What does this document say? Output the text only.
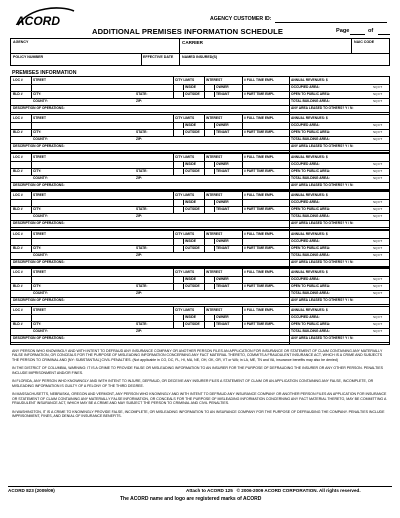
ACORD	AGENCY CUSTOMER ID:
ADDITIONAL PREMISES INFORMATION SCHEDULE	Page	of
AGENCY	CARRIER	NAIC CODE
POLICY NUMBER	EFFECTIVE DATE NAMED INSURED(S)
PREMISES INFORMATION
LOC #	STREET	CITY LIMITS	INTEREST	# FULL TIME EMPL	ANNUAL REVENUES: $
INSIDE	OWNER	OCCUPIED AREA:	SQ FT
BLD #	CITY:	STATE:	OUTSIDE	TENANT	# PART TIME EMPL	OPEN TO PUBLIC AREA:	SQ FT
COUNTY:	ZIP:	TOTAL BUILDING AREA:	SQ FT
DESCRIPTION OF OPERATIONS:	ANY AREA LEASED TO OTHERS? Y / N:
LOC #	STREET	CITY LIMITS	INTEREST	# FULL TIME EMPL	ANNUAL REVENUES: $
INSIDE	OWNER	OCCUPIED AREA:	SQ FT
BLD #	CITY:	STATE:	OUTSIDE	TENANT	# PART TIME EMPL	OPEN TO PUBLIC AREA:	SQ FT
COUNTY:	ZIP:	TOTAL BUILDING AREA:	SQ FT
DESCRIPTION OF OPERATIONS:	ANY AREA LEASED TO OTHERS? Y / N:
LOC #	STREET	CITY LIMITS	INTEREST	# FULL TIME EMPL	ANNUAL REVENUES: $
INSIDE	OWNER	OCCUPIED AREA:	SQ FT
BLD #	CITY:	STATE:	OUTSIDE	TENANT	# PART TIME EMPL	OPEN TO PUBLIC AREA:	SQ FT
COUNTY:	ZIP:	TOTAL BUILDING AREA:	SQ FT
DESCRIPTION OF OPERATIONS:	ANY AREA LEASED TO OTHERS? Y / N:
LOC #	STREET	CITY LIMITS	INTEREST	# FULL TIME EMPL	ANNUAL REVENUES: $
INSIDE	OWNER	OCCUPIED AREA:	SQ FT
BLD #	CITY:	STATE:	OUTSIDE	TENANT	# PART TIME EMPL	OPEN TO PUBLIC AREA:	SQ FT
COUNTY:	ZIP:	TOTAL BUILDING AREA:	SQ FT
DESCRIPTION OF OPERATIONS:	ANY AREA LEASED TO OTHERS? Y / N:
LOC #	STREET	CITY LIMITS	INTEREST	# FULL TIME EMPL	ANNUAL REVENUES: $
INSIDE	OWNER	OCCUPIED AREA:	SQ FT
BLD #	CITY:	STATE:	OUTSIDE	TENANT	# PART TIME EMPL	OPEN TO PUBLIC AREA:	SQ FT
COUNTY:	ZIP:	TOTAL BUILDING AREA:	SQ FT
DESCRIPTION OF OPERATIONS:	ANY AREA LEASED TO OTHERS? Y / N:
LOC #	STREET	CITY LIMITS	INTEREST	# FULL TIME EMPL	ANNUAL REVENUES: $
INSIDE	OWNER	OCCUPIED AREA:	SQ FT
BLD #	CITY:	STATE:	OUTSIDE	TENANT	# PART TIME EMPL	OPEN TO PUBLIC AREA:	SQ FT
COUNTY:	ZIP:	TOTAL BUILDING AREA:	SQ FT
DESCRIPTION OF OPERATIONS:	ANY AREA LEASED TO OTHERS? Y / N:
LOC #	STREET	CITY LIMITS	INTEREST	# FULL TIME EMPL	ANNUAL REVENUES: $
INSIDE	OWNER	OCCUPIED AREA:	SQ FT
BLD #	CITY:	STATE:	OUTSIDE	TENANT	# PART TIME EMPL	OPEN TO PUBLIC AREA:	SQ FT
COUNTY:	ZIP:	TOTAL BUILDING AREA:	SQ FT
DESCRIPTION OF OPERATIONS:	ANY AREA LEASED TO OTHERS? Y / N:

ANY PERSON WHO KNOWINGLY AND WITH INTENT TO DEFRAUD ANY INSURANCE COMPANY OR ANOTHER PERSON FILES AN APPLICATION FOR INSURANCE OR STATEMENT OF CLAIM CONTAINING ANY MATERIALLY FALSE INFORMATION, OR CONCEALS FOR THE PURPOSE OF MISLEADING INFORMATION CONCERNING ANY FACT MATERIAL THERETO, COMMITS A FRAUDULENT INSURANCE ACT, WHICH IS A CRIME AND SUBJECTS THE PERSON TO CRIMINAL AND [NY: SUBSTANTIAL] CIVIL PENALTIES. (Not applicable in CO, DC, FL, HI, MA, NE, OH, OK, OR, VT or WA; in LA, ME, TN and VA, insurance benefits may also be denied)

IN THE DISTRICT OF COLUMBIA, WARNING: IT IS A CRIME TO PROVIDE FALSE OR MISLEADING INFORMATION TO AN INSURER FOR THE PURPOSE OF DEFRAUDING THE INSURER OR ANY OTHER PERSON. PENALTIES INCLUDE IMPRISONMENT AND/OR FINES.

IN FLORIDA, ANY PERSON WHO KNOWINGLY AND WITH INTENT TO INJURE, DEFRAUD, OR DECEIVE ANY INSURER FILES A STATEMENT OF CLAIM OR AN APPLICATION CONTAINING ANY FALSE, INCOMPLETE, OR MISLEADING INFORMATION IS GUILTY OF A FELONY OF THE THIRD DEGREE.

IN MASSACHUSETTS, NEBRASKA, OREGON AND VERMONT, ANY PERSON WHO KNOWINGLY AND WITH INTENT TO DEFRAUD ANY INSURANCE COMPANY OR ANOTHER PERSON FILES AN APPLICATION FOR INSURANCE OR STATEMENT OF CLAIM CONTAINING ANY MATERIALLY FALSE INFORMATION, OR CONCEALS FOR THE PURPOSE OF MISLEADING INFORMATION CONCERNING ANY FACT MATERIAL THERETO, MAY BE COMMITTING A FRAUDULENT INSURANCE ACT, WHICH MAY BE A CRIME AND MAY SUBJECT THE PERSON TO CRIMINAL AND CIVIL PENALTIES.

IN WASHINGTON, IT IS A CRIME TO KNOWINGLY PROVIDE FALSE, INCOMPLETE, OR MISLEADING INFORMATION TO AN INSURANCE COMPANY FOR THE PURPOSE OF DEFRAUDING THE COMPANY. PENALTIES INCLUDE IMPRISONMENT, FINES, AND DENIAL OF INSURANCE BENEFITS.

ACORD 823 (2009/09)	Attach to ACORD 125 © 2006-2009 ACORD CORPORATION. All rights reserved.
The ACORD name and logo are registered marks of ACORD
